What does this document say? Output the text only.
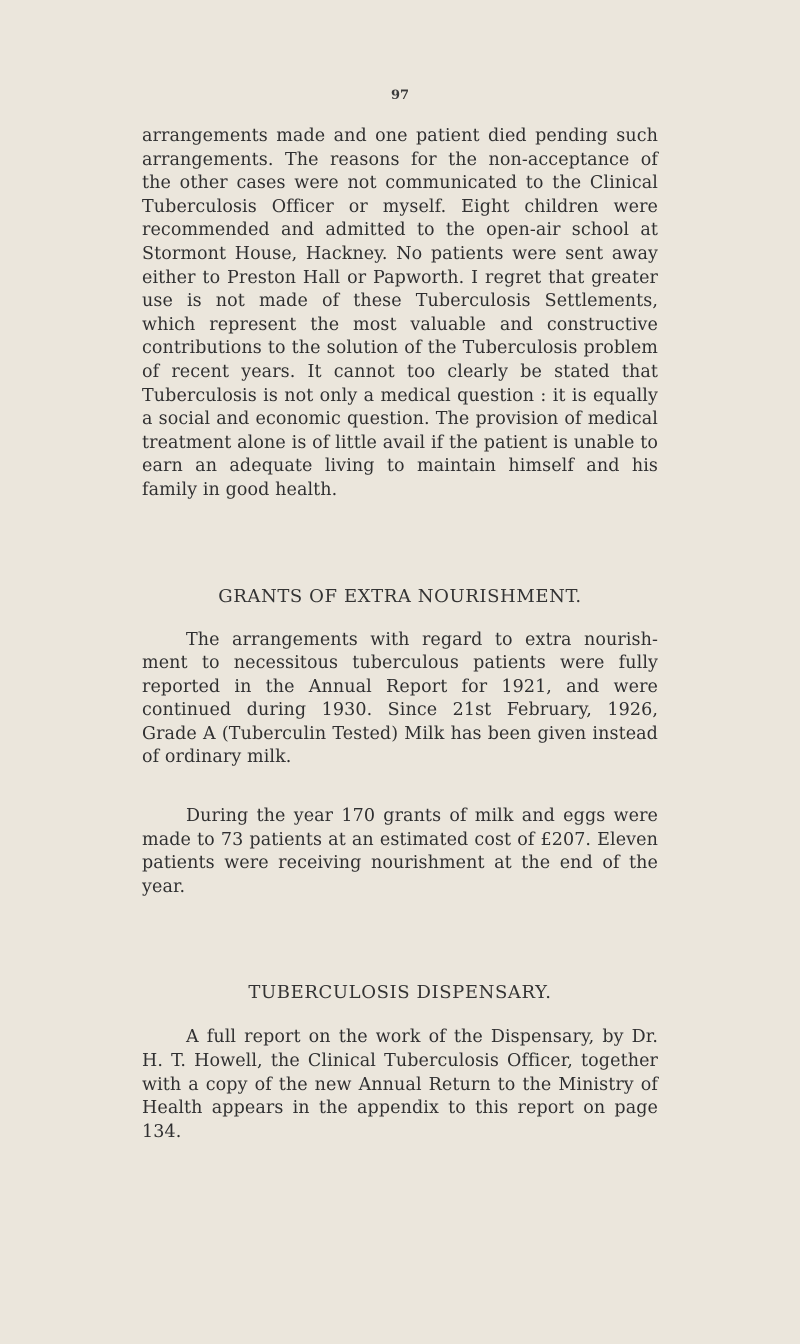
97

arrangements made and one patient died pending such arrangements. The reasons for the non-acceptance of the other cases were not communicated to the Clinical Tuberculosis Officer or myself. Eight children were recommended and admitted to the open-air school at Stormont House, Hackney. No patients were sent away either to Preston Hall or Papworth. I regret that greater use is not made of these Tuberculosis Settlements, which represent the most valuable and constructive contributions to the solution of the Tuberculosis problem of recent years. It cannot too clearly be stated that Tuberculosis is not only a medical question : it is equally a social and economic question. The provision of medical treatment alone is of little avail if the patient is unable to earn an adequate living to maintain himself and his family in good health.

GRANTS OF EXTRA NOURISHMENT.

The arrangements with regard to extra nourish-ment to necessitous tuberculous patients were fully reported in the Annual Report for 1921, and were continued during 1930. Since 21st February, 1926, Grade A (Tuberculin Tested) Milk has been given instead of ordinary milk.

During the year 170 grants of milk and eggs were made to 73 patients at an estimated cost of £207. Eleven patients were receiving nourishment at the end of the year.

TUBERCULOSIS DISPENSARY.

A full report on the work of the Dispensary, by Dr. H. T. Howell, the Clinical Tuberculosis Officer, together with a copy of the new Annual Return to the Ministry of Health appears in the appendix to this report on page 134.
